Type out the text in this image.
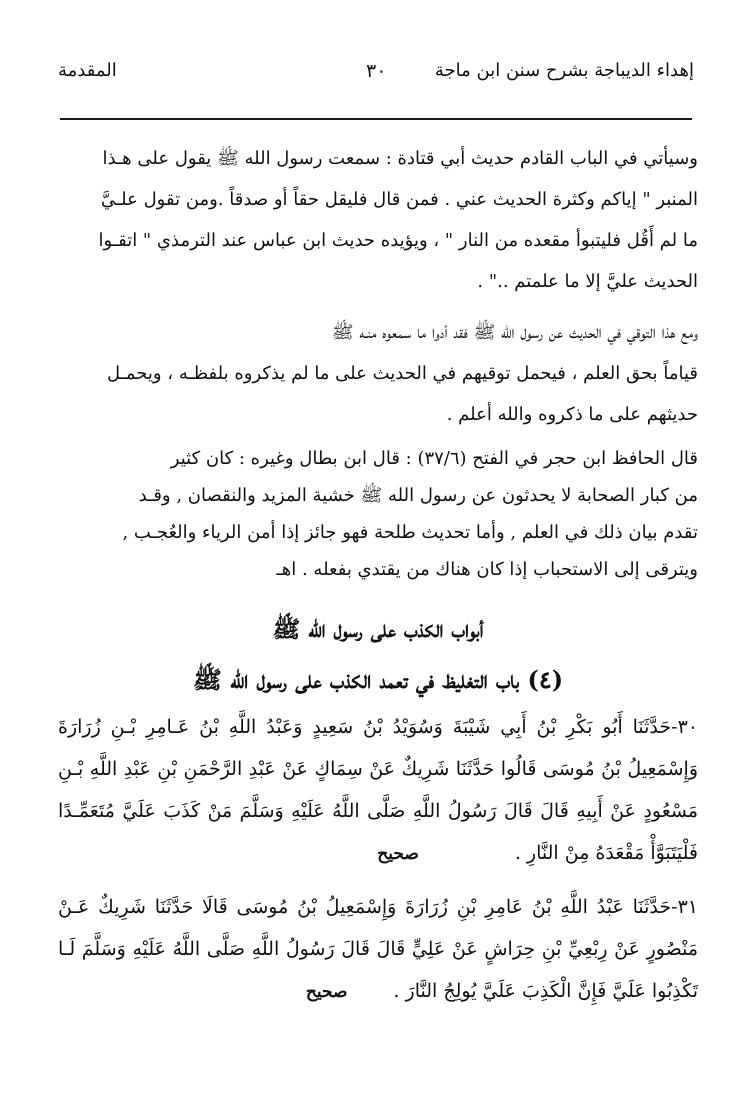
إهداء الديباجة بشرح سنن ابن ماجة
٣٠
المقدمة

وسيأتي في الباب القادم حديث أبي قتادة : سمعت رسول الله ﷺ يقول على هـذا

المنبر " إياكم وكثرة الحديث عني . فمن قال فليقل حقاً أو صدقاً .ومن تقول علـيَّ

ما لم أَقُل فليتبوأ مقعده من النار " ، ويؤيده حديث ابن عباس عند الترمذي " اتقـوا

الحديث عليَّ إلا ما علمتم .." .

ومع هذا التوقي في الحديث عن رسول الله ﷺ فقد أدوا ما سمعوه منـه ﷺ

قياماً بحق العلم ، فيحمل توقيهم في الحديث على ما لم يذكروه بلفظـه ، ويحمـل

حديثهم على ما ذكروه والله أعلم .

قال الحافظ ابن حجر في الفتح (٣٧/٦) : قال ابن بطال وغيره : كان كثير

من كبار الصحابة لا يحدثون عن رسول الله ﷺ خشية المزيد والنقصان , وقـد

تقدم بيان ذلك في العلم , وأما تحديث طلحة فهو جائز إذا أمن الرياء والعُجـب ,

ويترقى إلى الاستحباب إذا كان هناك من يقتدي بفعله . اهـ

أبواب الكذب على رسول الله ﷺ
(٤) باب التغليظ في تعمد الكذب على رسول الله ﷺ

٣٠-حَدَّثَنَا أَبُو بَكْرِ بْنُ أَبِي شَيْبَةَ وَسُوَيْدُ بْنُ سَعِيدٍ وَعَبْدُ اللَّهِ بْنُ عَـامِرِ بْـنِ زُرَارَةَ

وَإِسْمَعِيلُ بْنُ مُوسَى قَالُوا حَدَّثَنَا شَرِيكٌ عَنْ سِمَاكٍ عَنْ عَبْدِ الرَّحْمَنِ بْنِ عَبْدِ اللَّهِ بْـنِ

مَسْعُودٍ عَنْ أَبِيهِ قَالَ قَالَ رَسُولُ اللَّهِ صَلَّى اللَّهُ عَلَيْهِ وَسَلَّمَ مَنْ كَذَبَ عَلَيَّ مُتَعَمِّـدًا

فَلْيَتَبَوَّأْ مَقْعَدَهُ مِنْ النَّارِ . صحيح

٣١-حَدَّثَنَا عَبْدُ اللَّهِ بْنُ عَامِرِ بْنِ زُرَارَةَ وَإِسْمَعِيلُ بْنُ مُوسَى قَالَا حَدَّثَنَا شَرِيكٌ عَـنْ

مَنْصُورٍ عَنْ رِبْعِيِّ بْنِ حِرَاشٍ عَنْ عَلِيٍّ قَالَ قَالَ رَسُولُ اللَّهِ صَلَّى اللَّهُ عَلَيْهِ وَسَلَّمَ لَـا

تَكْذِبُوا عَلَيَّ فَإِنَّ الْكَذِبَ عَلَيَّ يُولِجُ النَّارَ . صحيح
